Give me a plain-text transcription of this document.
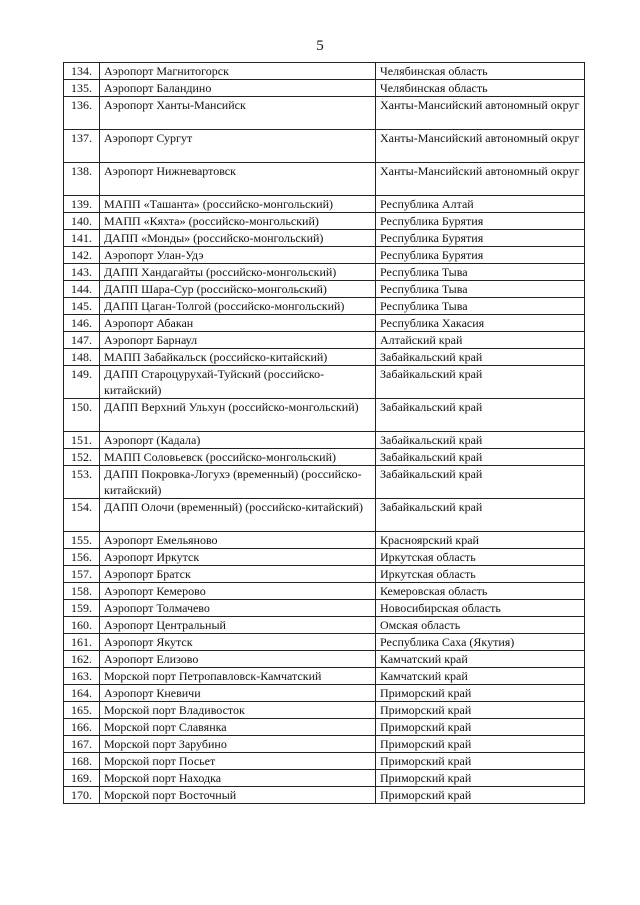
5
134.	Аэропорт Магнитогорск	Челябинская область
135.	Аэропорт Баландино	Челябинская область
136.	Аэропорт Ханты-Мансийск	Ханты-Мансийский автономный округ
137.	Аэропорт Сургут	Ханты-Мансийский автономный округ
138.	Аэропорт Нижневартовск	Ханты-Мансийский автономный округ
139.	МАПП «Ташанта» (российско-монгольский)	Республика Алтай
140.	МАПП «Кяхта» (российско-монгольский)	Республика Бурятия
141.	ДАПП «Монды» (российско-монгольский)	Республика Бурятия
142.	Аэропорт Улан-Удэ	Республика Бурятия
143.	ДАПП Хандагайты (российско-монгольский)	Республика Тыва
144.	ДАПП Шара-Сур (российско-монгольский)	Республика Тыва
145.	ДАПП Цаган-Толгой (российско-монгольский)	Республика Тыва
146.	Аэропорт Абакан	Республика Хакасия
147.	Аэропорт Барнаул	Алтайский край
148.	МАПП Забайкальск (российско-китайский)	Забайкальский край
149.	ДАПП Староцурухай-Туйский (российско-китайский)	Забайкальский край
150.	ДАПП Верхний Ульхун (российско-монгольский)	Забайкальский край
151.	Аэропорт (Кадала)	Забайкальский край
152.	МАПП Соловьевск (российско-монгольский)	Забайкальский край
153.	ДАПП Покровка-Логухэ (временный) (российско-китайский)	Забайкальский край
154.	ДАПП Олочи (временный) (российско-китайский)	Забайкальский край
155.	Аэропорт Емельяново	Красноярский край
156.	Аэропорт Иркутск	Иркутская область
157.	Аэропорт Братск	Иркутская область
158.	Аэропорт Кемерово	Кемеровская область
159.	Аэропорт Толмачево	Новосибирская область
160.	Аэропорт Центральный	Омская область
161.	Аэропорт Якутск	Республика Саха (Якутия)
162.	Аэропорт Елизово	Камчатский край
163.	Морской порт Петропавловск-Камчатский	Камчатский край
164.	Аэропорт Кневичи	Приморский край
165.	Морской порт Владивосток	Приморский край
166.	Морской порт Славянка	Приморский край
167.	Морской порт Зарубино	Приморский край
168.	Морской порт Посьет	Приморский край
169.	Морской порт Находка	Приморский край
170.	Морской порт Восточный	Приморский край
